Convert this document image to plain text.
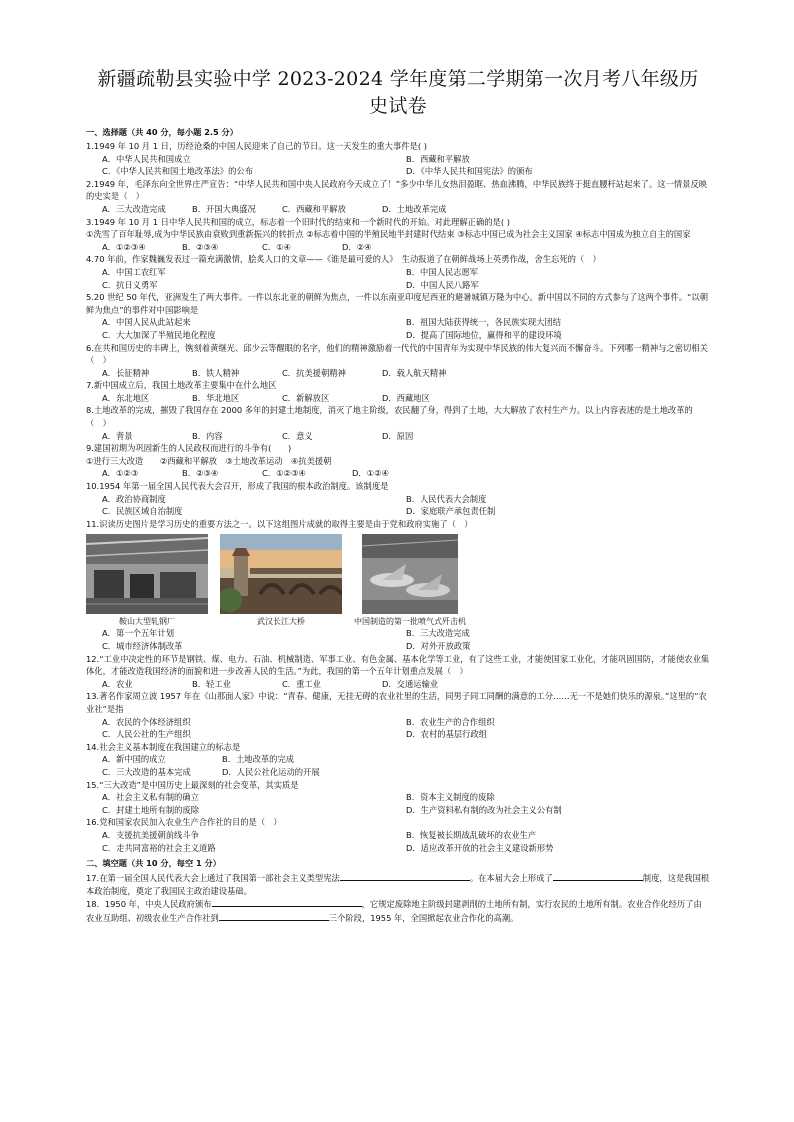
新疆疏勒县实验中学 2023-2024 学年度第二学期第一次月考八年级历
史试卷
一、选择题（共 40 分，每小题 2.5 分）

1.1949 年 10 月 1 日，历经沧桑的中国人民迎来了自己的节日。这一天发生的重大事件是( )

A．中华人民共和国成立	B．西藏和平解放
C．《中华人民共和国土地改革法》的公布	D．《中华人民共和国宪法》的颁布

2.1949 年，毛泽东向全世界庄严宣告：“中华人民共和国中央人民政府今天成立了！”多少中华儿女热泪盈眶、热血沸腾，中华民族终于挺直腰杆站起来了。这一情景反映的史实是（　）

A．三大改造完成	B．开国大典盛况	C．西藏和平解放	D．土地改革完成

3.1949 年 10 月 1 日中华人民共和国的成立，标志着一个旧时代的结束和一个新时代的开始。对此理解正确的是( )

①洗雪了百年耻辱,成为中华民族由衰败到重新振兴的转折点 ②标志着中国的半殖民地半封建时代结束 ③标志中国已成为社会主义国家 ④标志中国成为独立自主的国家

A．①②③④	B．②③④	C．①④	D．②④

4.70 年前，作家魏巍发表过一篇充满激情，脍炙人口的文章——《谁是最可爱的人》　生动报道了在朝鲜战场上英勇作战，舍生忘死的（　）

A．中国工农红军	B．中国人民志愿军
C．抗日义勇军	D．中国人民八路军

5.20 世纪 50 年代，亚洲发生了两大事件。一件以东北亚的朝鲜为焦点，一件以东南亚印度尼西亚的避暑城镇万隆为中心。新中国以不同的方式参与了这两个事件。“以朝鲜为焦点”的事件对中国影响是

A．中国人民从此站起来	B．祖国大陆获得统一，各民族实现大团结
C．大大加深了半殖民地化程度	D．提高了国际地位，赢得和平的建设环境

6.在共和国历史的丰碑上，镌刻着黄继光、邱少云等醒眼的名字，他们的精神激励着一代代的中国青年为实现中华民族的伟大复兴而不懈奋斗。下列哪一精神与之密切相关（　）

A．长征精神	B．铁人精神	C．抗美援朝精神	D．载人航天精神

7.新中国成立后，我国土地改革主要集中在什么地区

A．东北地区	B．华北地区	C．新解放区	D．西藏地区

8.土地改革的完成，摧毁了我国存在 2000 多年的封建土地制度，消灭了地主阶级，农民翻了身，得到了土地，大大解放了农村生产力。以上内容表述的是土地改革的（　）

A．背景	B．内容	C．意义	D．原因

9.建国初期为巩固新生的人民政权而进行的斗争有(　　)

①进行三大改造　　②西藏和平解放　③土地改革运动　④抗美援朝

A．①②③	B．②③④	C．①②③④	D．①②④

10.1954 年第一届全国人民代表大会召开，形成了我国的根本政治制度。该制度是

A．政治协商制度	B．人民代表大会制度
C．民族区域自治制度	D．家庭联产承包责任制

11.识读历史图片是学习历史的重要方法之一。以下这组图片成就的取得主要是由于党和政府实施了（　）

鞍山大型轧钢厂	武汉长江大桥	中国制造的第一批喷气式歼击机
A．第一个五年计划	B．三大改造完成
C．城市经济体制改革	D．对外开放政策

12.“工业中决定性的环节是钢铁、煤、电力、石油、机械制造、军事工业、有色金属、基本化学等工业，有了这些工业，才能使国家工业化，才能巩固国防，才能使农业集体化，才能改造我国经济的面貌和进一步改善人民的生活。”为此，我国的第一个五年计划重点发展（　）

A．农业	B．轻工业	C．重工业	D．交通运输业

13.著名作家周立波 1957 年在《山那面人家》中说：“青春、健康，无挂无碍的农业社里的生活，同男子同工同酬的满意的工分……无一不是她们快乐的源泉。”这里的“农业社”是指

A．农民的个体经济组织	B．农业生产的合作组织
C．人民公社的生产组织	D．农村的基层行政组

14.社会主义基本制度在我国建立的标志是

A．新中国的成立	B．土地改革的完成
C．三大改造的基本完成	D．人民公社化运动的开展

15.“三大改造”是中国历史上最深刻的社会变革，其实质是

A．社会主义私有制的确立	B．资本主义制度的废除
C．封建土地所有制的废除	D．生产资料私有制的改为社会主义公有制

16.党和国家农民加入农业生产合作社的目的是（　）

A．支援抗美援朝前线斗争	B．恢复被长期战乱破坏的农业生产
C．走共同富裕的社会主义道路	D．适应改革开放的社会主义建设新形势
二、填空题（共 10 分，每空 1 分）

17.在第一届全国人民代表大会上通过了我国第一部社会主义类型宪法	。在本届大会上形成了	制度，这是我国根本政治制度，奠定了我国民主政治建设基础。

18．1950 年，中央人民政府颁布	，它规定废除地主阶级封建剥削的土地所有制，实行农民的土地所有制。农业合作化经历了由农业互助组、初级农业生产合作社到	三个阶段，1955 年，全国掀起农业合作化的高潮。
